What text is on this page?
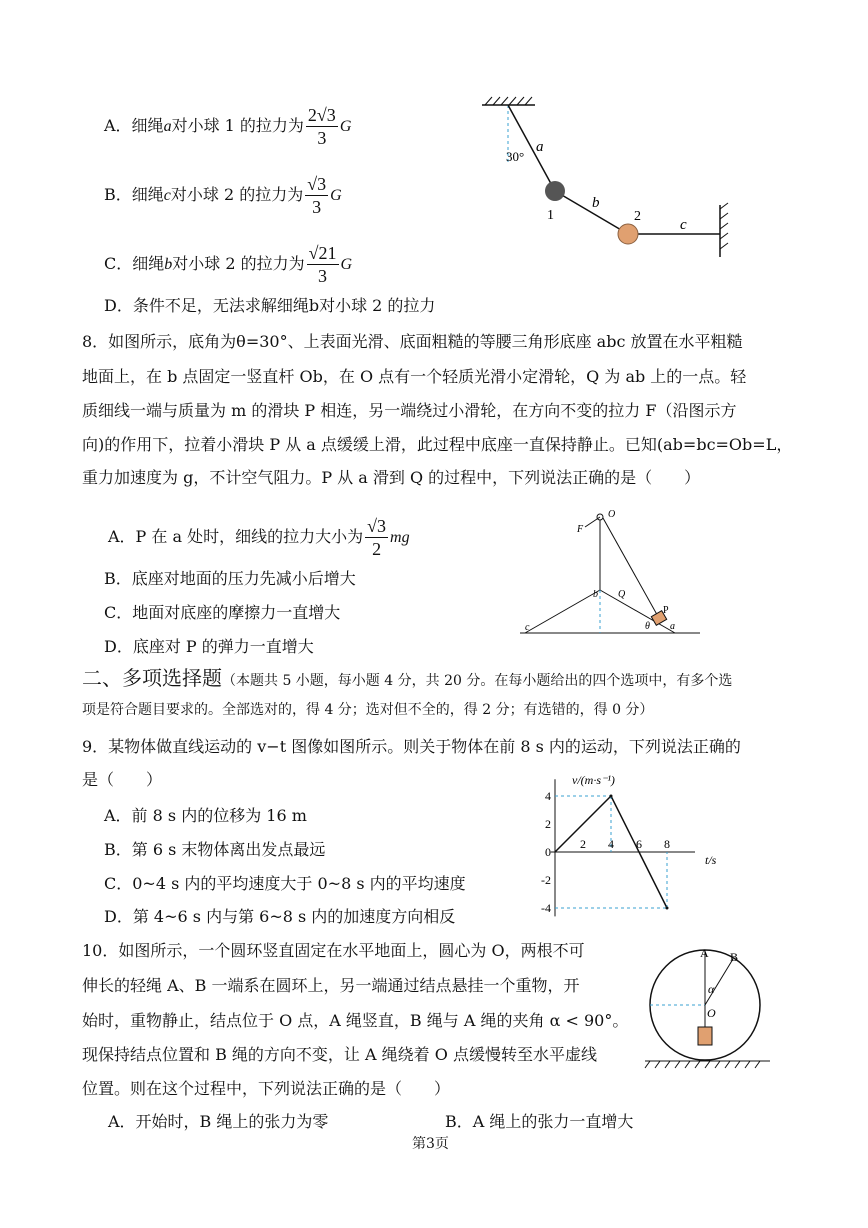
A．细绳a对小球 1 的拉力为 $\frac{2√3}{3}$ G
B．细绳c对小球 2 的拉力为 $\frac{√3}{3}$ G
C．细绳b对小球 2 的拉力为 $\frac{√21}{3}$ G
D．条件不足，无法求解细绳b对小球 2 的拉力
30°
a
b
c
1	2
8．如图所示，底角为θ=30°、上表面光滑、底面粗糙的等腰三角形底座 abc 放置在水平粗糙
地面上，在 b 点固定一竖直杆 Ob，在 O 点有一个轻质光滑小定滑轮，Q 为 ab 上的一点。轻
质细线一端与质量为 m 的滑块 P 相连，另一端绕过小滑轮，在方向不变的拉力 F（沿图示方
向)的作用下，拉着小滑块 P 从 a 点缓缓上滑，此过程中底座一直保持静止。已知(ab=bc=Ob=L，
重力加速度为 g，不计空气阻力。P 从 a 滑到 Q 的过程中，下列说法正确的是（　　）
A．P 在 a 处时，细线的拉力大小为 $\frac{√3}{2}$ mg
B．底座对地面的压力先减小后增大
C．地面对底座的摩擦力一直增大
D．底座对 P 的弹力一直增大
F
O
b Q
P
c	a
θ
二、多项选择题（本题共 5 小题，每小题 4 分，共 20 分。在每小题给出的四个选项中，有多个选
项是符合题目要求的。全部选对的，得 4 分；选对但不全的，得 2 分；有选错的，得 0 分）
9．某物体做直线运动的 v−t 图像如图所示。则关于物体在前 8 s 内的运动，下列说法正确的
是（　　）
A．前 8 s 内的位移为 16 m
B．第 6 s 末物体离出发点最远
C．0~4 s 内的平均速度大于 0~8 s 内的平均速度
D．第 4~6 s 内与第 6~8 s 内的加速度方向相反
v/(m·s⁻¹)
t/s
0
2 4 6 8
4
2
-2
-4
10．如图所示，一个圆环竖直固定在水平地面上，圆心为 O，两根不可
伸长的轻绳 A、B 一端系在圆环上，另一端通过结点悬挂一个重物，开
始时，重物静止，结点位于 O 点，A 绳竖直，B 绳与 A 绳的夹角 α < 90°。
现保持结点位置和 B 绳的方向不变，让 A 绳绕着 O 点缓慢转至水平虚线
位置。则在这个过程中，下列说法正确的是（　　）
A．开始时，B 绳上的张力为零	B．A 绳上的张力一直增大
A B
α
O
第3页
